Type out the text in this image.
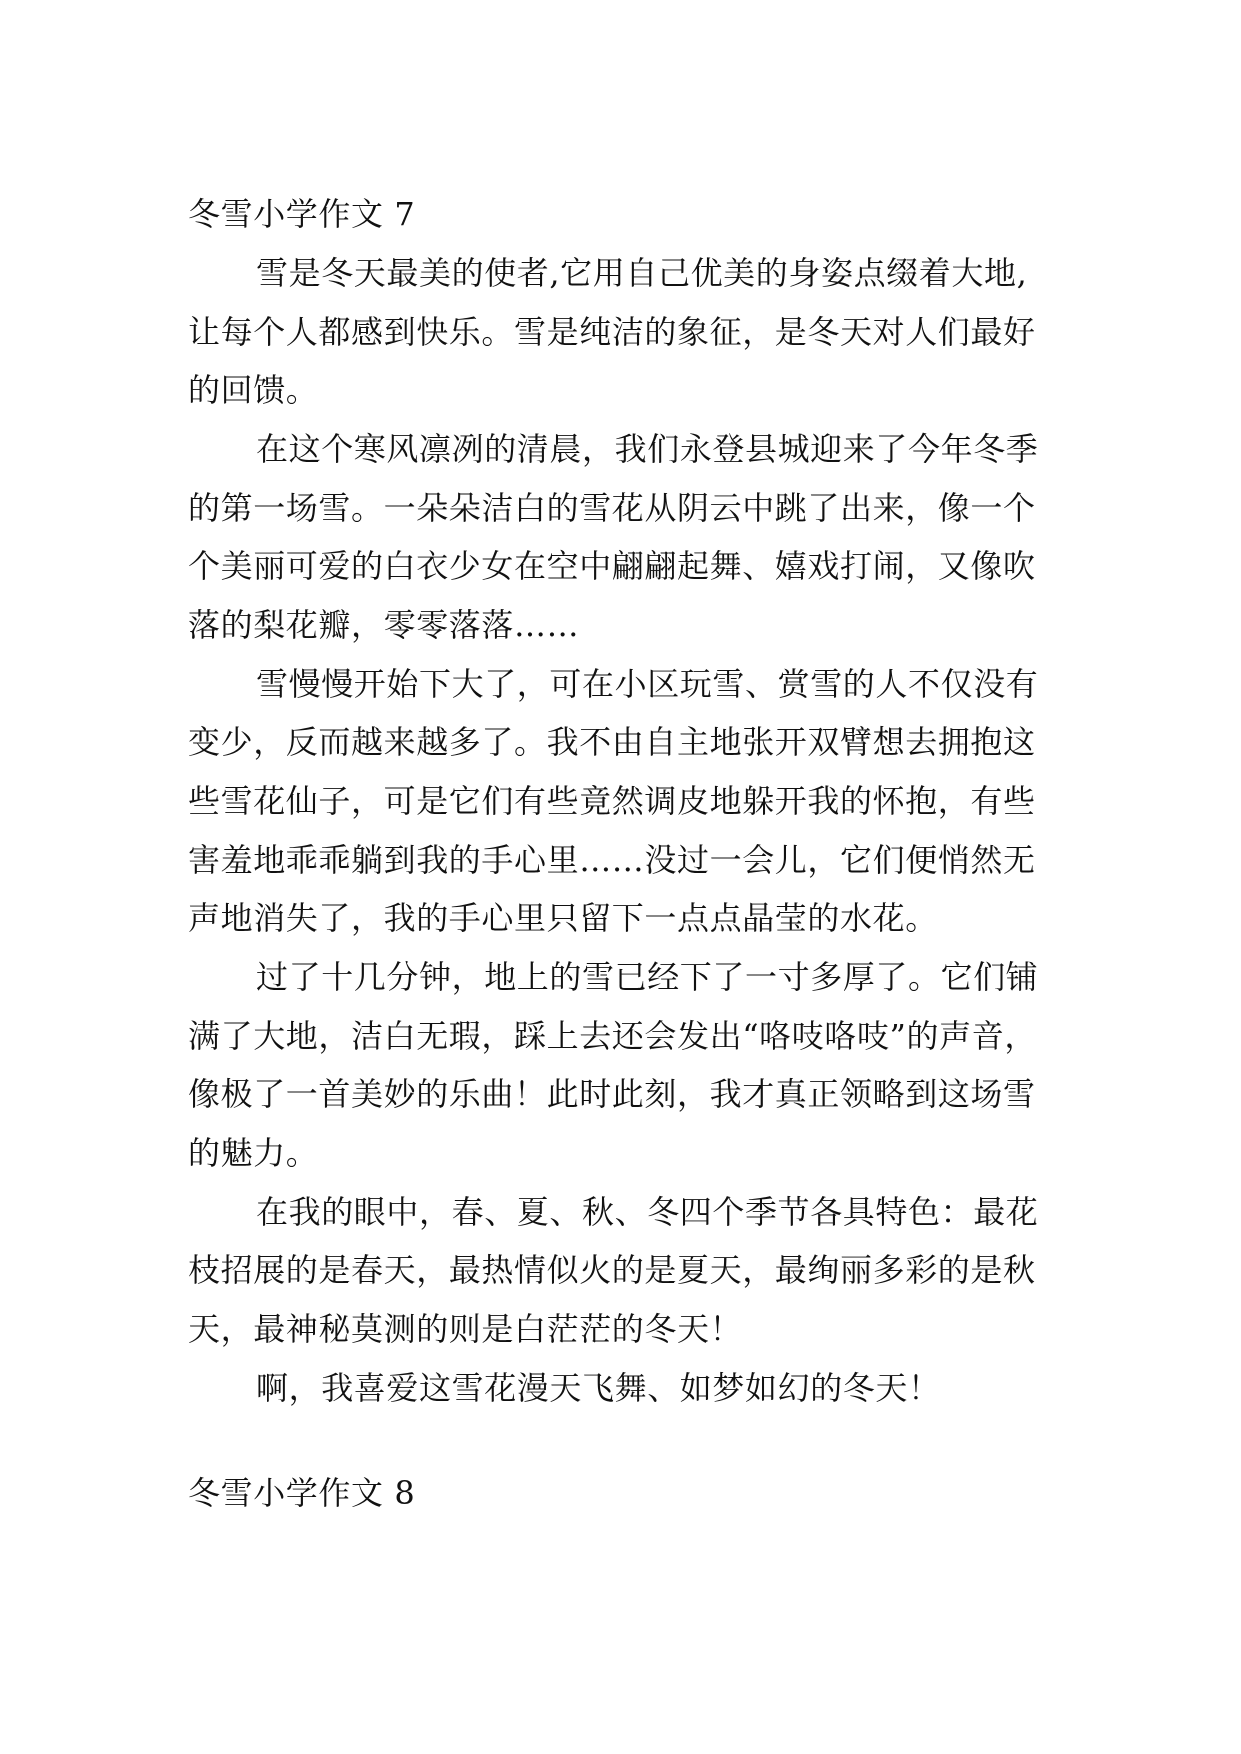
冬雪小学作文 7
雪是冬天最美的使者,它用自己优美的身姿点缀着大地,
让每个人都感到快乐。雪是纯洁的象征，是冬天对人们最好
的回馈。
在这个寒风凛冽的清晨，我们永登县城迎来了今年冬季
的第一场雪。一朵朵洁白的雪花从阴云中跳了出来，像一个
个美丽可爱的白衣少女在空中翩翩起舞、嬉戏打闹，又像吹
落的梨花瓣，零零落落……
雪慢慢开始下大了，可在小区玩雪、赏雪的人不仅没有
变少，反而越来越多了。我不由自主地张开双臂想去拥抱这
些雪花仙子，可是它们有些竟然调皮地躲开我的怀抱，有些
害羞地乖乖躺到我的手心里……没过一会儿，它们便悄然无
声地消失了，我的手心里只留下一点点晶莹的水花。
过了十几分钟，地上的雪已经下了一寸多厚了。它们铺
满了大地，洁白无瑕，踩上去还会发出“咯吱咯吱”的声音，
像极了一首美妙的乐曲！此时此刻，我才真正领略到这场雪
的魅力。
在我的眼中，春、夏、秋、冬四个季节各具特色：最花
枝招展的是春天，最热情似火的是夏天，最绚丽多彩的是秋
天，最神秘莫测的则是白茫茫的冬天！
啊，我喜爱这雪花漫天飞舞、如梦如幻的冬天！
冬雪小学作文 8
